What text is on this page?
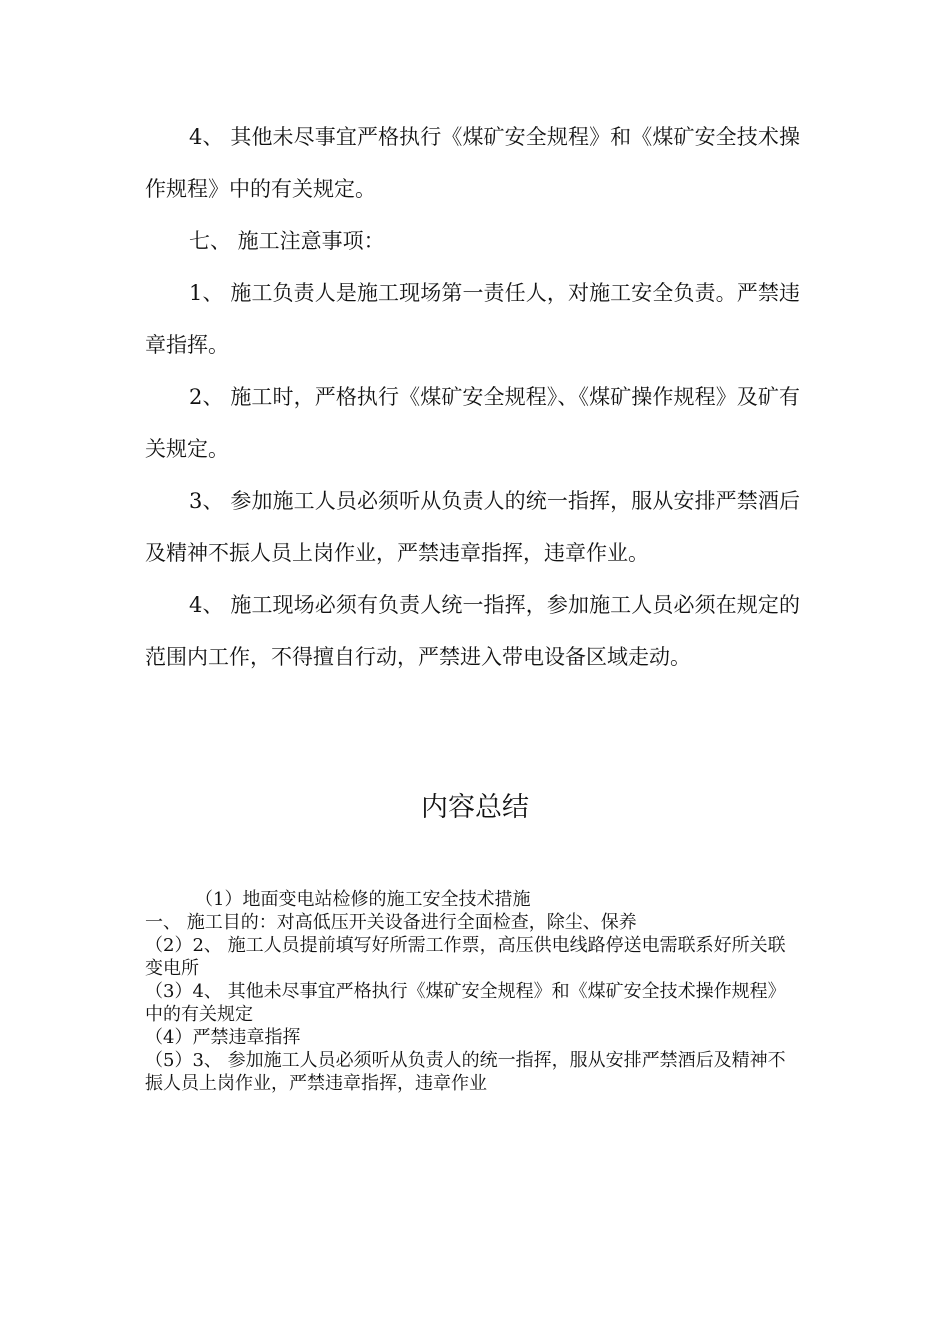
4、 其他未尽事宜严格执行《煤矿安全规程》和《煤矿安全技术操作规程》中的有关规定。

七、 施工注意事项：

1、 施工负责人是施工现场第一责任人，对施工安全负责。严禁违章指挥。

2、 施工时，严格执行《煤矿安全规程》、《煤矿操作规程》及矿有关规定。

3、 参加施工人员必须听从负责人的统一指挥，服从安排严禁酒后及精神不振人员上岗作业，严禁违章指挥，违章作业。

4、 施工现场必须有负责人统一指挥，参加施工人员必须在规定的范围内工作，不得擅自行动，严禁进入带电设备区域走动。

内容总结

（1）地面变电站检修的施工安全技术措施

一、 施工目的：对高低压开关设备进行全面检查，除尘、保养

（2）2、 施工人员提前填写好所需工作票，高压供电线路停送电需联系好所关联变电所

（3）4、 其他未尽事宜严格执行《煤矿安全规程》和《煤矿安全技术操作规程》中的有关规定

（4）严禁违章指挥

（5）3、 参加施工人员必须听从负责人的统一指挥，服从安排严禁酒后及精神不振人员上岗作业，严禁违章指挥，违章作业
